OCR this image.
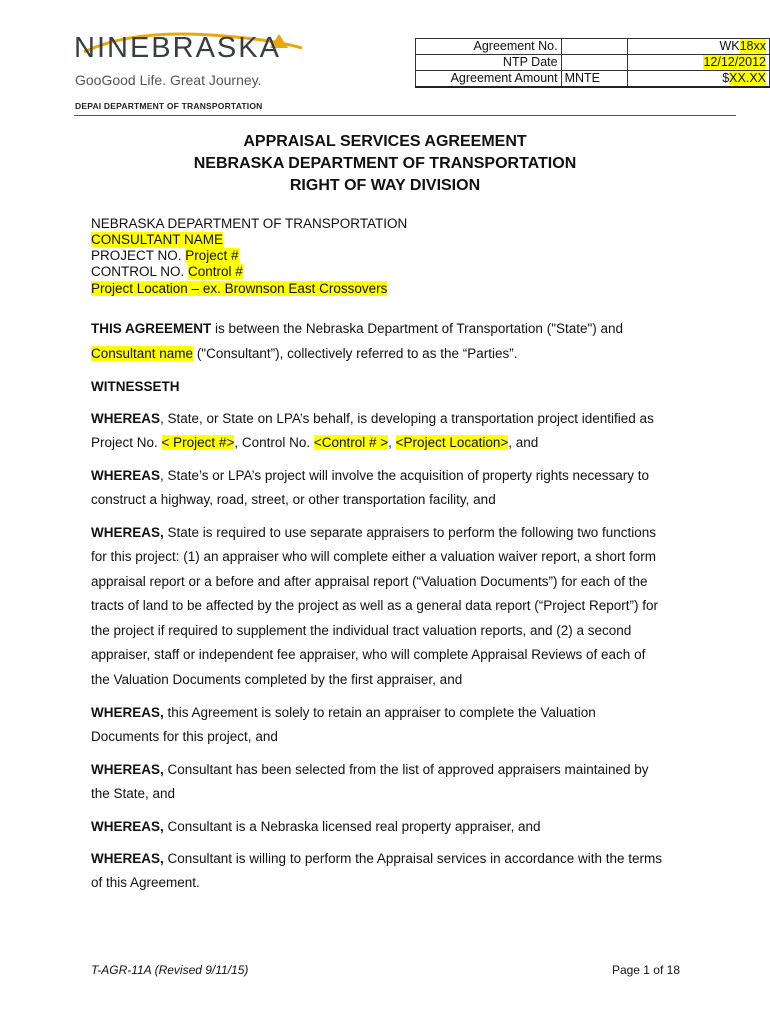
NINEBRASKA
GooGood Life. Great Journey.
DEPAI DEPARTMENT OF TRANSPORTATION
Agreement No.		WK18xx
NTP Date		12/12/2012
Agreement Amount	MNTE	$XX.XX
APPRAISAL SERVICES AGREEMENT
NEBRASKA DEPARTMENT OF TRANSPORTATION
RIGHT OF WAY DIVISION
NEBRASKA DEPARTMENT OF TRANSPORTATION
CONSULTANT NAME
PROJECT NO. Project #
CONTROL NO. Control #
Project Location – ex. Brownson East Crossovers
THIS AGREEMENT is between the Nebraska Department of Transportation ("State") and
Consultant name ("Consultant”), collectively referred to as the “Parties”.
WITNESSETH
WHEREAS, State, or State on LPA’s behalf, is developing a transportation project identified as
Project No. < Project #>, Control No. <Control # >, <Project Location>, and
WHEREAS, State’s or LPA’s project will involve the acquisition of property rights necessary to
construct a highway, road, street, or other transportation facility, and
WHEREAS, State is required to use separate appraisers to perform the following two functions
for this project: (1) an appraiser who will complete either a valuation waiver report, a short form
appraisal report or a before and after appraisal report (“Valuation Documents”) for each of the
tracts of land to be affected by the project as well as a general data report (“Project Report”) for
the project if required to supplement the individual tract valuation reports, and (2) a second
appraiser, staff or independent fee appraiser, who will complete Appraisal Reviews of each of
the Valuation Documents completed by the first appraiser, and
WHEREAS, this Agreement is solely to retain an appraiser to complete the Valuation
Documents for this project, and
WHEREAS, Consultant has been selected from the list of approved appraisers maintained by
the State, and
WHEREAS, Consultant is a Nebraska licensed real property appraiser, and
WHEREAS, Consultant is willing to perform the Appraisal services in accordance with the terms
of this Agreement.
T-AGR-11A (Revised 9/11/15)	Page 1 of 18
